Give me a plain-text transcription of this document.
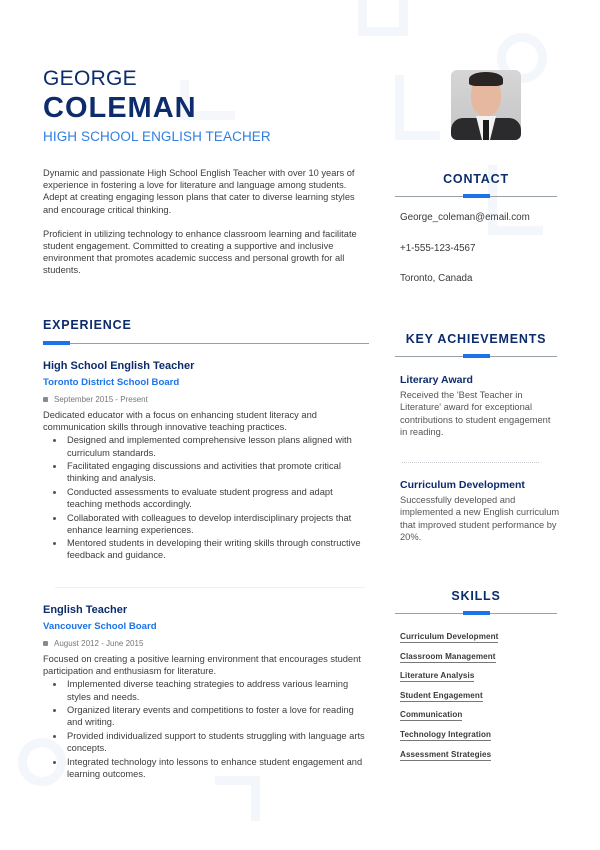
GEORGE
COLEMAN
HIGH SCHOOL ENGLISH TEACHER

Dynamic and passionate High School English Teacher with over 10 years of experience in fostering a love for literature and language among students. Adept at creating engaging lesson plans that cater to diverse learning styles and encourage critical thinking.

Proficient in utilizing technology to enhance classroom learning and facilitate student engagement. Committed to creating a supportive and inclusive environment that promotes academic success and personal growth for all students.

EXPERIENCE
High School English Teacher
Toronto District School Board
September 2015 - Present
Dedicated educator with a focus on enhancing student literacy and communication skills through innovative teaching practices.
Designed and implemented comprehensive lesson plans aligned with curriculum standards.
Facilitated engaging discussions and activities that promote critical thinking and analysis.
Conducted assessments to evaluate student progress and adapt teaching methods accordingly.
Collaborated with colleagues to develop interdisciplinary projects that enhance learning experiences.
Mentored students in developing their writing skills through constructive feedback and guidance.
English Teacher
Vancouver School Board
August 2012 - June 2015
Focused on creating a positive learning environment that encourages student participation and enthusiasm for literature.
Implemented diverse teaching strategies to address various learning styles and needs.
Organized literary events and competitions to foster a love for reading and writing.
Provided individualized support to students struggling with language arts concepts.
Integrated technology into lessons to enhance student engagement and learning outcomes.
CONTACT
George_coleman@email.com
+1-555-123-4567
Toronto, Canada
KEY ACHIEVEMENTS
Literary Award
Received the 'Best Teacher in Literature' award for exceptional contributions to student engagement in reading.
Curriculum Development
Successfully developed and implemented a new English curriculum that improved student performance by 20%.
SKILLS
Curriculum Development
Classroom Management
Literature Analysis
Student Engagement
Communication
Technology Integration
Assessment Strategies
